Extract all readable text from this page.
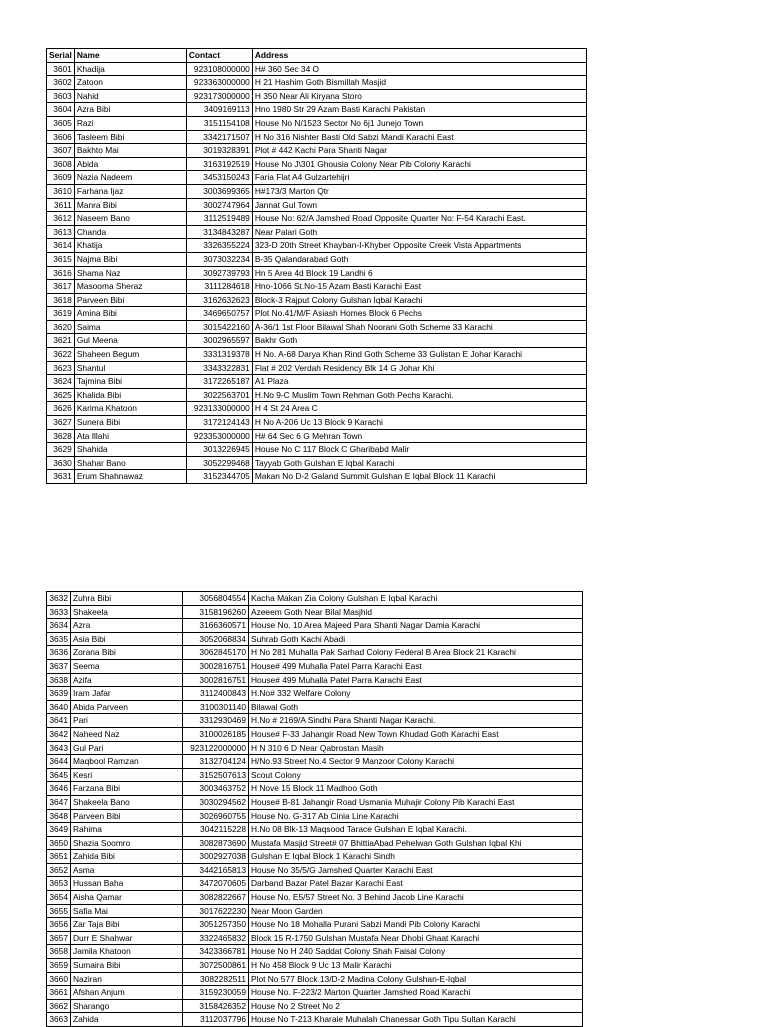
Serial	Name	Contact	Address
3601	Khadija	923108000000	H# 360 Sec 34 O
3602	Zatoon	923363000000	H 21 Hashim Goth Bismillah Masjid
3603	Nahid	923173000000	H 350 Near Ali Kiryana Storo
3604	Azra Bibi	3409169113	Hno 1980 Str 29 Azam Basti Karachi Pakistan
3605	Razi	3151154108	House No N/1523 Sector No 6j1 Junejo Town
3606	Tasleem Bibi	3342171507	H No 316 Nishter Basti Old Sabzi Mandi Karachi East
3607	Bakhto Mai	3019328391	Plot # 442 Kachi Para Shanti Nagar
3608	Abida	3163192519	House No J\301 Ghousia Colony Near Pib Colony Karachi
3609	Nazia Nadeem	3453150243	Faria Flat A4 Gulzartehijri
3610	Farhana Ijaz	3003699365	H#173/3 Marton Qtr
3611	Manra Bibi	3002747964	Jannat Gul Town
3612	Naseem Bano	3112519489	House No: 62/A Jamshed Road Opposite Quarter No: F-54 Karachi East.
3613	Chanda	3134843287	Near Palari Goth
3614	Khatija	3326355224	323-D 20th Street Khayban-I-Khyber Opposite Creek Vista Appartments
3615	Najma Bibi	3073032234	B-35 Qalandarabad Goth
3616	Shama Naz	3092739793	Hn 5 Area 4d Block 19 Landhi 6
3617	Masooma Sheraz	3111284618	Hno-1066 St.No-15 Azam Basti Karachi East
3618	Parveen Bibi	3162632623	Block-3 Rajput Colony Gulshan Iqbal Karachi
3619	Amina Bibi	3469650757	Plot No.41/M/F Asiash Homes Block 6 Pechs
3620	Saima	3015422160	A-36/1 1st Floor Bilawal Shah Noorani Goth Scheme 33 Karachi
3621	Gul Meena	3002965597	Bakhr Goth
3622	Shaheen Begum	3331319378	H No. A-68 Darya Khan Rind Goth Scheme 33 Gulistan E Johar Karachi
3623	Shantul	3343322831	Flat # 202 Verdah Residency Blk 14 G Johar Khi
3624	Tajmina Bibi	3172265187	A1 Plaza
3625	Khalida Bibi	3022563701	H.No 9-C Muslim Town Rehman Goth Pechs Karachi.
3626	Karima Khatoon	923133000000	H 4 St 24 Area C
3627	Sunera Bibi	3172124143	H No A-206 Uc 13 Block 9 Karachi
3628	Ata Illahi	923353000000	H# 64 Sec 6 G Mehran Town
3629	Shahida	3013226945	House No C 117 Block C Gharibabd Malir
3630	Shahar Bano	3052299468	Tayyab Goth Gulshan E Iqbal Karachi
3631	Erum Shahnawaz	3152344705	Makan No D-2 Galand Summit Gulshan E Iqbal Block 11 Karachi
3632	Zuhra Bibi	3056804554	Kacha Makan Zia Colony Gulshan E Iqbal Karachi
3633	Shakeela	3158196260	Azeeem Goth Near Bilal Masjhid
3634	Azra	3166360571	House No. 10 Area Majeed Para Shanti Nagar Damia Karachi
3635	Asia Bibi	3052068834	Suhrab Goth Kachi Abadi
3636	Zorana Bibi	3062845170	H No 281 Muhalla Pak Sarhad Colony Federal B Area Block 21 Karachi
3637	Seema	3002816751	House# 499 Muhalla Patel Parra Karachi East
3638	Azifa	3002816751	House# 499 Muhalla Patel Parra Karachi East
3639	Iram Jafar	3112400843	H.No# 332 Welfare Colony
3640	Abida Parveen	3100301140	Bilawal Goth
3641	Pari	3312930469	H.No # 2169/A Sindhi Para Shanti Nagar Karachi.
3642	Naheed Naz	3100026185	House# F-33 Jahangir Road New Town Khudad Goth Karachi East
3643	Gul Pari	923122000000	H N 310 6 D Near Qabrostan Masih
3644	Maqbool Ramzan	3132704124	H/No.93 Street No.4 Sector 9 Manzoor Colony Karachi
3645	Kesri	3152507613	Scout Colony
3646	Farzana Bibi	3003463752	H Nove 15 Block 11 Madhoo Goth
3647	Shakeela Bano	3030294562	House# B-81 Jahangir Road Usmania Muhajir Colony Pib Karachi East
3648	Parveen Bibi	3026960755	House No. G-317 Ab Cinia Line Karachi
3649	Rahima	3042115228	H.No 08 Blk-13 Maqsood Tarace Gulshan E Iqbal Karachi.
3650	Shazia Soomro	3082873690	Mustafa Masjid Street# 07 BhittiaAbad Pehelwan Goth Gulshan Iqbal Khi
3651	Zahida Bibi	3002927038	Gulshan E Iqbal Block 1 Karachi Sindh
3652	Asma	3442165813	House No 35/5/G Jamshed Quarter Karachi East
3653	Hussan Baha	3472070605	Darband Bazar Patel Bazar Karachi East
3654	Aisha Qamar	3082822667	House No. E5/57 Street No. 3 Behind Jacob Line Karachi
3655	Safia Mai	3017622230	Near Moon Garden
3656	Zar Taja Bibi	3051257350	House No 18 Mohalla Purani Sabzi Mandi Pib Colony Karachi
3657	Durr E Shahwar	3322465832	Block 15 R-1750 Gulshan Mustafa Near Dhobi Ghaat Karachi
3658	Jamila Khatoon	3423366781	House No H 240 Saddat Colony Shah Faisal Colony
3659	Sumaira Bibi	3072500861	H No 458 Block 9 Uc 13 Malir Karachi
3660	Naziran	3082282511	Plot No 577 Block 13/D-2 Madina Colony Gulshan-E-Iqbal
3661	Afshan Anjum	3159230059	House No. F-223/2 Marton Quarter Jamshed Road Karachi
3662	Sharango	3158426352	House No 2 Street No 2
3663	Zahida	3112037796	House No T-213 Kharaie Muhalah Chanessar Goth Tipu Sultan Karachi
